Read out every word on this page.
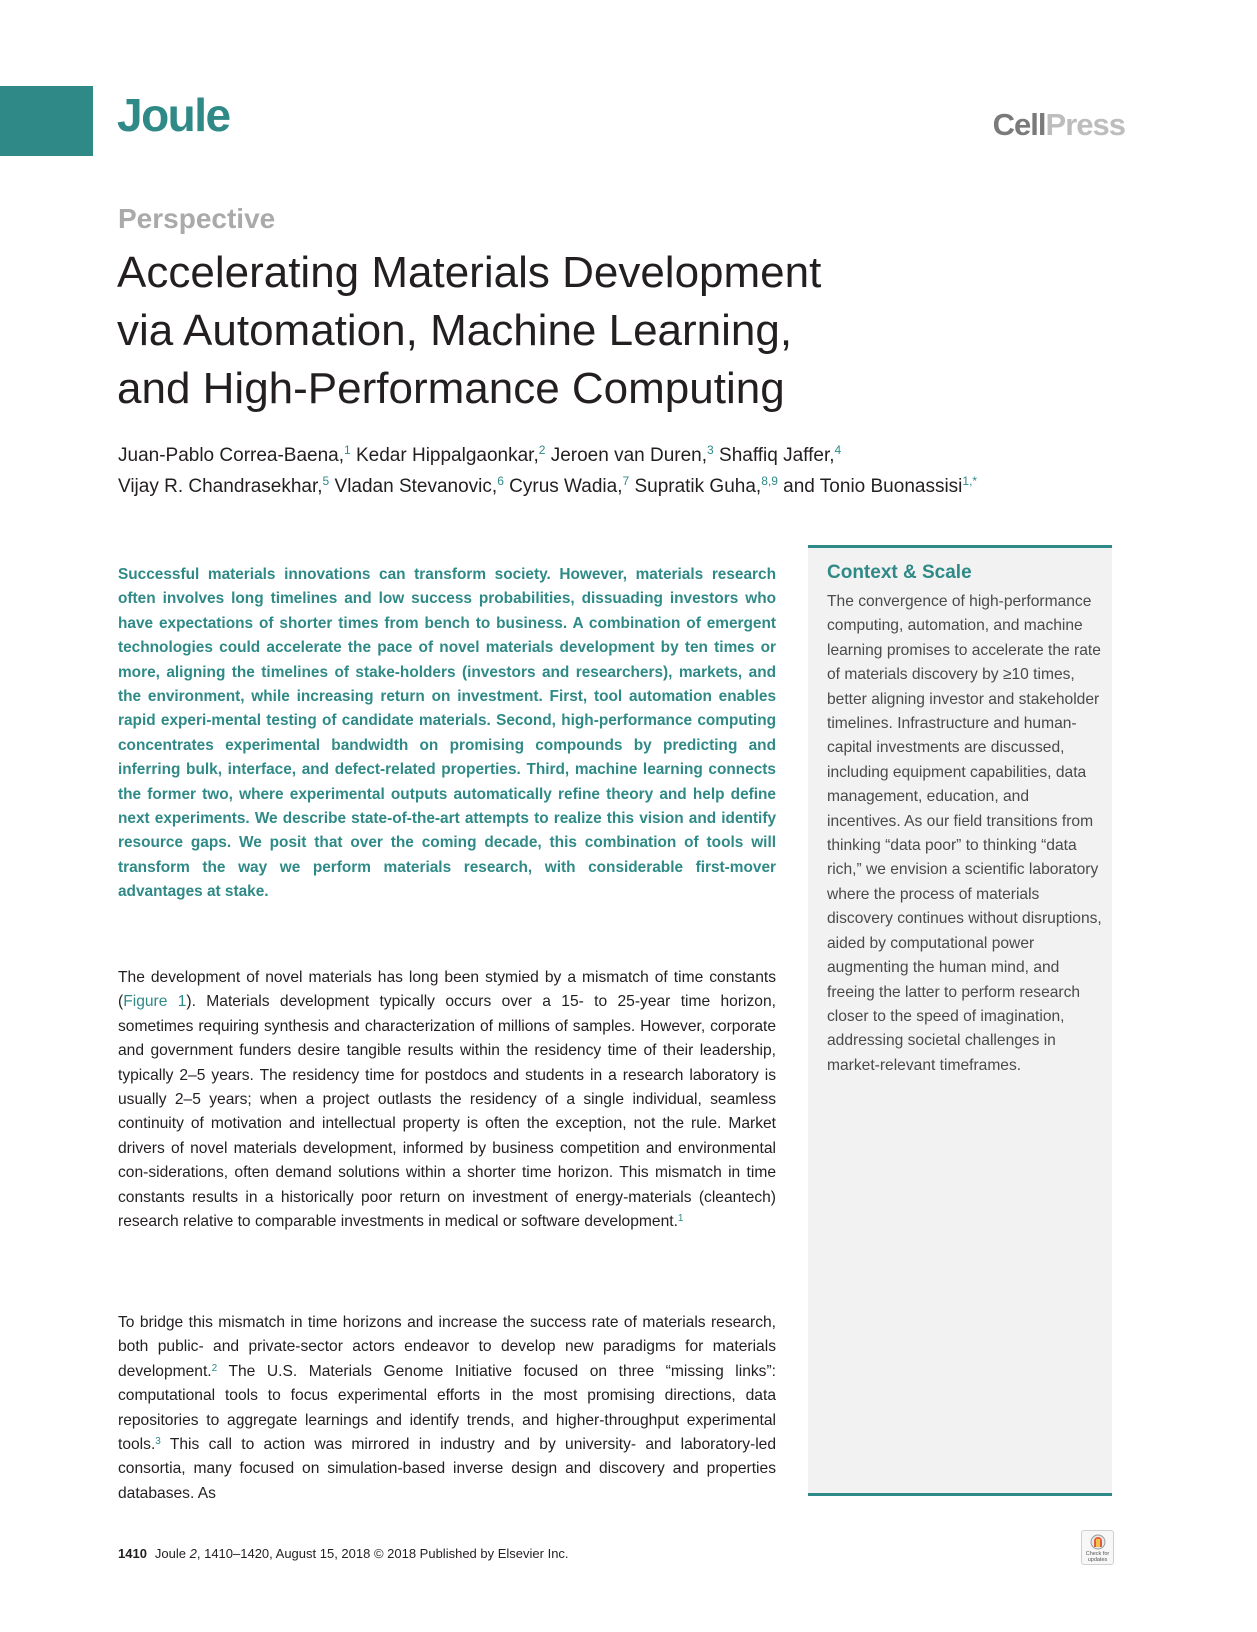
Joule	CellPress
Perspective
Accelerating Materials Development
via Automation, Machine Learning,
and High-Performance Computing
Juan-Pablo Correa-Baena,$^1$ Kedar Hippalgaonkar,$^2$ Jeroen van Duren,$^3$ Shaffiq Jaffer,$^4$
Vijay R. Chandrasekhar,$^5$ Vladan Stevanovic,$^6$ Cyrus Wadia,$^7$ Supratik Guha,$^{8,9}$ and Tonio Buonassisi$^{1,*}$

Successful materials innovations can transform society. However, materials research often involves long timelines and low success probabilities, dissuading investors who have expectations of shorter times from bench to business. A combination of emergent technologies could accelerate the pace of novel materials development by ten times or more, aligning the timelines of stake-holders (investors and researchers), markets, and the environment, while increasing return on investment. First, tool automation enables rapid experi-mental testing of candidate materials. Second, high-performance computing concentrates experimental bandwidth on promising compounds by predicting and inferring bulk, interface, and defect-related properties. Third, machine learning connects the former two, where experimental outputs automatically refine theory and help define next experiments. We describe state-of-the-art attempts to realize this vision and identify resource gaps. We posit that over the coming decade, this combination of tools will transform the way we perform materials research, with considerable first-mover advantages at stake.

The development of novel materials has long been stymied by a mismatch of time constants (Figure 1). Materials development typically occurs over a 15- to 25-year time horizon, sometimes requiring synthesis and characterization of millions of samples. However, corporate and government funders desire tangible results within the residency time of their leadership, typically 2–5 years. The residency time for postdocs and students in a research laboratory is usually 2–5 years; when a project outlasts the residency of a single individual, seamless continuity of motivation and intellectual property is often the exception, not the rule. Market drivers of novel materials development, informed by business competition and environmental con-siderations, often demand solutions within a shorter time horizon. This mismatch in time constants results in a historically poor return on investment of energy-materials (cleantech) research relative to comparable investments in medical or software development.$^1$

To bridge this mismatch in time horizons and increase the success rate of materials research, both public- and private-sector actors endeavor to develop new paradigms for materials development.$^2$ The U.S. Materials Genome Initiative focused on three “missing links”: computational tools to focus experimental efforts in the most promising directions, data repositories to aggregate learnings and identify trends, and higher-throughput experimental tools.$^3$ This call to action was mirrored in industry and by university- and laboratory-led consortia, many focused on simulation-based inverse design and discovery and properties databases. As

Context & Scale

The convergence of high-performance computing, automation, and machine learning promises to accelerate the rate of materials discovery by ≥10 times, better aligning investor and stakeholder timelines. Infrastructure and human-capital investments are discussed, including equipment capabilities, data management, education, and incentives. As our field transitions from thinking “data poor” to thinking “data rich,” we envision a scientific laboratory where the process of materials discovery continues without disruptions, aided by computational power augmenting the human mind, and freeing the latter to perform research closer to the speed of imagination, addressing societal challenges in market-relevant timeframes.

1410 Joule 2, 1410–1420, August 15, 2018 © 2018 Published by Elsevier Inc.	Check for
updates
